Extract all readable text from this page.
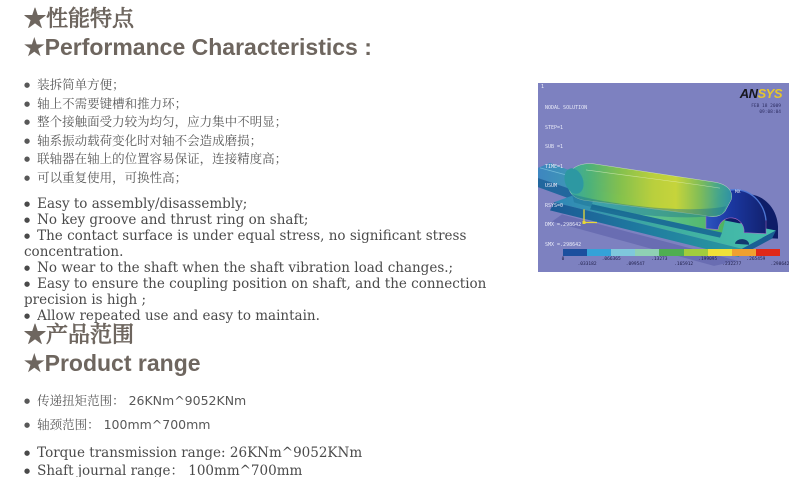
★性能特点
★Performance Characteristics :
● 装拆简单方便；
● 轴上不需要键槽和推力环；
● 整个接触面受力较为均匀，应力集中不明显；
● 轴系振动载荷变化时对轴不会造成磨损；
● 联轴器在轴上的位置容易保证，连接精度高；
● 可以重复使用，可换性高；
● Easy to assembly/disassembly;
● No key groove and thrust ring on shaft;
● The contact surface is under equal stress, no significant stress concentration.
● No wear to the shaft when the shaft vibration load changes.;
● Easy to ensure the coupling position on shaft, and the connection precision is high ;
● Allow repeated use and easy to maintain.
★产品范围
★Product range
● 传递扭矩范围： 26KNm^9052KNm
● 轴颈范围： 100mm^700mm
● Torque transmission range: 26KNm^9052KNm
● Shaft journal range： 100mm^700mm
1

NODAL SOLUTION

STEP=1

SUB =1

TIME=1

USUM

RSYS=0

DMX =.298642

SMX =.298642

ANSYS
FEB 18 2009
09:08:04
MX
0	.066365	.13273	.199095	.265459
.033182	.099547	.165912	.232277	.298642
